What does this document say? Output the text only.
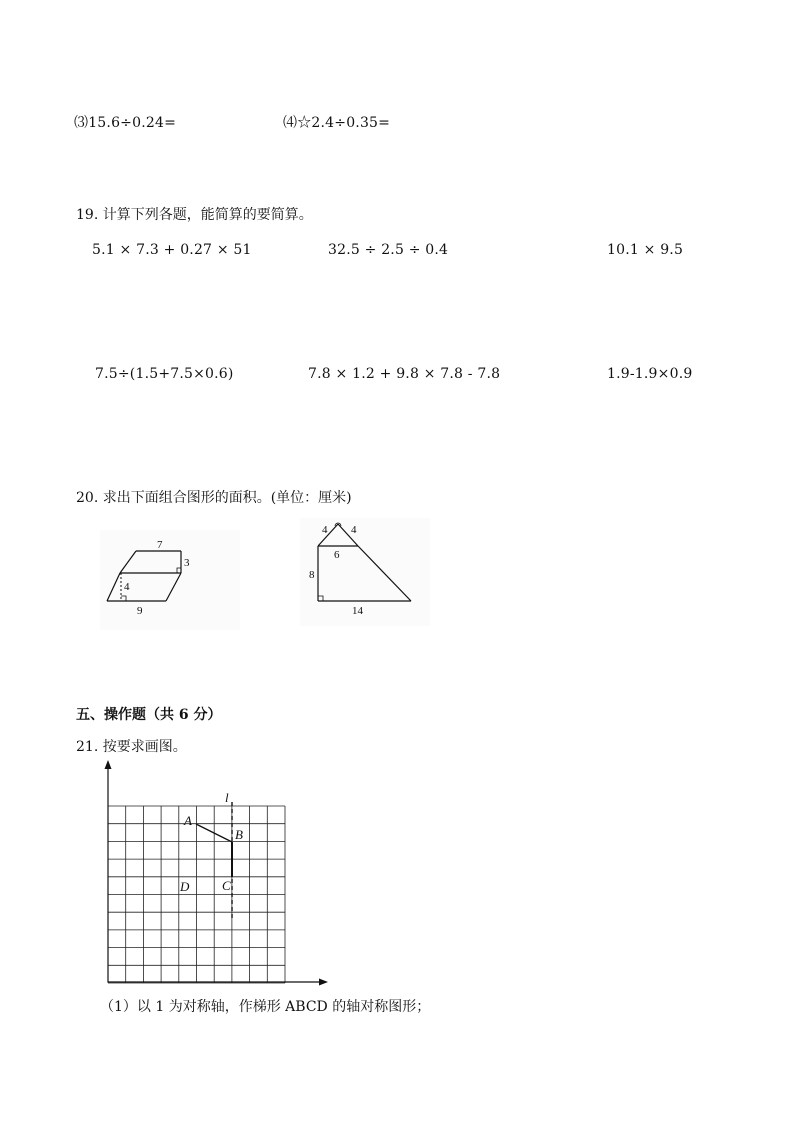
⑶15.6÷0.24=	⑷☆2.4÷0.35=
19. 计算下列各题，能简算的要简算。
5.1 × 7.3 + 0.27 × 51	32.5 ÷ 2.5 ÷ 0.4	10.1 × 9.5
7.5÷(1.5+7.5×0.6)	7.8 × 1.2 + 9.8 × 7.8 - 7.8	1.9-1.9×0.9
20. 求出下面组合图形的面积。(单位：厘米)
7
3
4
9
4 4
6
8
14
五、操作题（共 6 分）
21. 按要求画图。
l
A
B
C
D
（1）以 1 为对称轴，作梯形 ABCD 的轴对称图形；
